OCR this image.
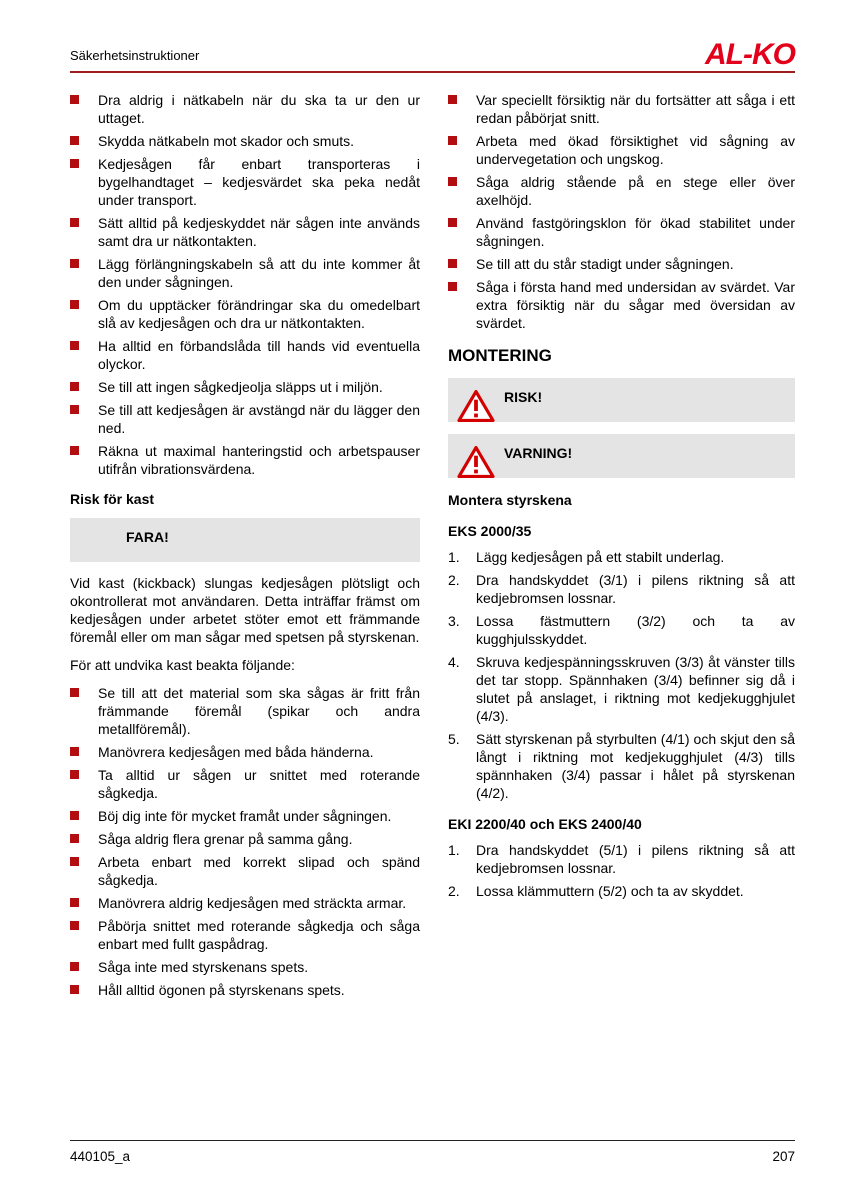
Säkerhetsinstruktioner	AL-KO
Dra aldrig i nätkabeln när du ska ta ur den ur uttaget.
Skydda nätkabeln mot skador och smuts.
Kedjesågen får enbart transporteras i bygelhandtaget – kedjesvärdet ska peka nedåt under transport.
Sätt alltid på kedjeskyddet när sågen inte används samt dra ur nätkontakten.
Lägg förlängningskabeln så att du inte kommer åt den under sågningen.
Om du upptäcker förändringar ska du omedelbart slå av kedjesågen och dra ur nätkontakten.
Ha alltid en förbandslåda till hands vid eventuella olyckor.
Se till att ingen sågkedjeolja släpps ut i miljön.
Se till att kedjesågen är avstängd när du lägger den ned.
Räkna ut maximal hanteringstid och arbetspauser utifrån vibrationsvärdena.
Risk för kast
FARA!

Vid kast (kickback) slungas kedjesågen plötsligt och okontrollerat mot användaren. Detta inträffar främst om kedjesågen under arbetet stöter emot ett främmande föremål eller om man sågar med spetsen på styrskenan.

För att undvika kast beakta följande:

Se till att det material som ska sågas är fritt från främmande föremål (spikar och andra metallföremål).
Manövrera kedjesågen med båda händerna.
Ta alltid ur sågen ur snittet med roterande sågkedja.
Böj dig inte för mycket framåt under sågningen.
Såga aldrig flera grenar på samma gång.
Arbeta enbart med korrekt slipad och spänd sågkedja.
Manövrera aldrig kedjesågen med sträckta armar.
Påbörja snittet med roterande sågkedja och såga enbart med fullt gaspådrag.
Såga inte med styrskenans spets.
Håll alltid ögonen på styrskenans spets.
Var speciellt försiktig när du fortsätter att såga i ett redan påbörjat snitt.
Arbeta med ökad försiktighet vid sågning av undervegetation och ungskog.
Såga aldrig stående på en stege eller över axelhöjd.
Använd fastgöringsklon för ökad stabilitet under sågningen.
Se till att du står stadigt under sågningen.
Såga i första hand med undersidan av svärdet. Var extra försiktig när du sågar med översidan av svärdet.
MONTERING
RISK!

VARNING!

Montera styrskena
EKS 2000/35
1. Lägg kedjesågen på ett stabilt underlag.
2. Dra handskyddet (3/1) i pilens riktning så att kedjebromsen lossnar.
3. Lossa fästmuttern (3/2) och ta av kugghjulsskyddet.
4. Skruva kedjespänningsskruven (3/3) åt vänster tills det tar stopp. Spännhaken (3/4) befinner sig då i slutet på anslaget, i riktning mot kedjekugghjulet (4/3).
5. Sätt styrskenan på styrbulten (4/1) och skjut den så långt i riktning mot kedjekugghjulet (4/3) tills spännhaken (3/4) passar i hålet på styrskenan (4/2).
EKI 2200/40 och EKS 2400/40
1. Dra handskyddet (5/1) i pilens riktning så att kedjebromsen lossnar.
2. Lossa klämmuttern (5/2) och ta av skyddet.
440105_a	207
